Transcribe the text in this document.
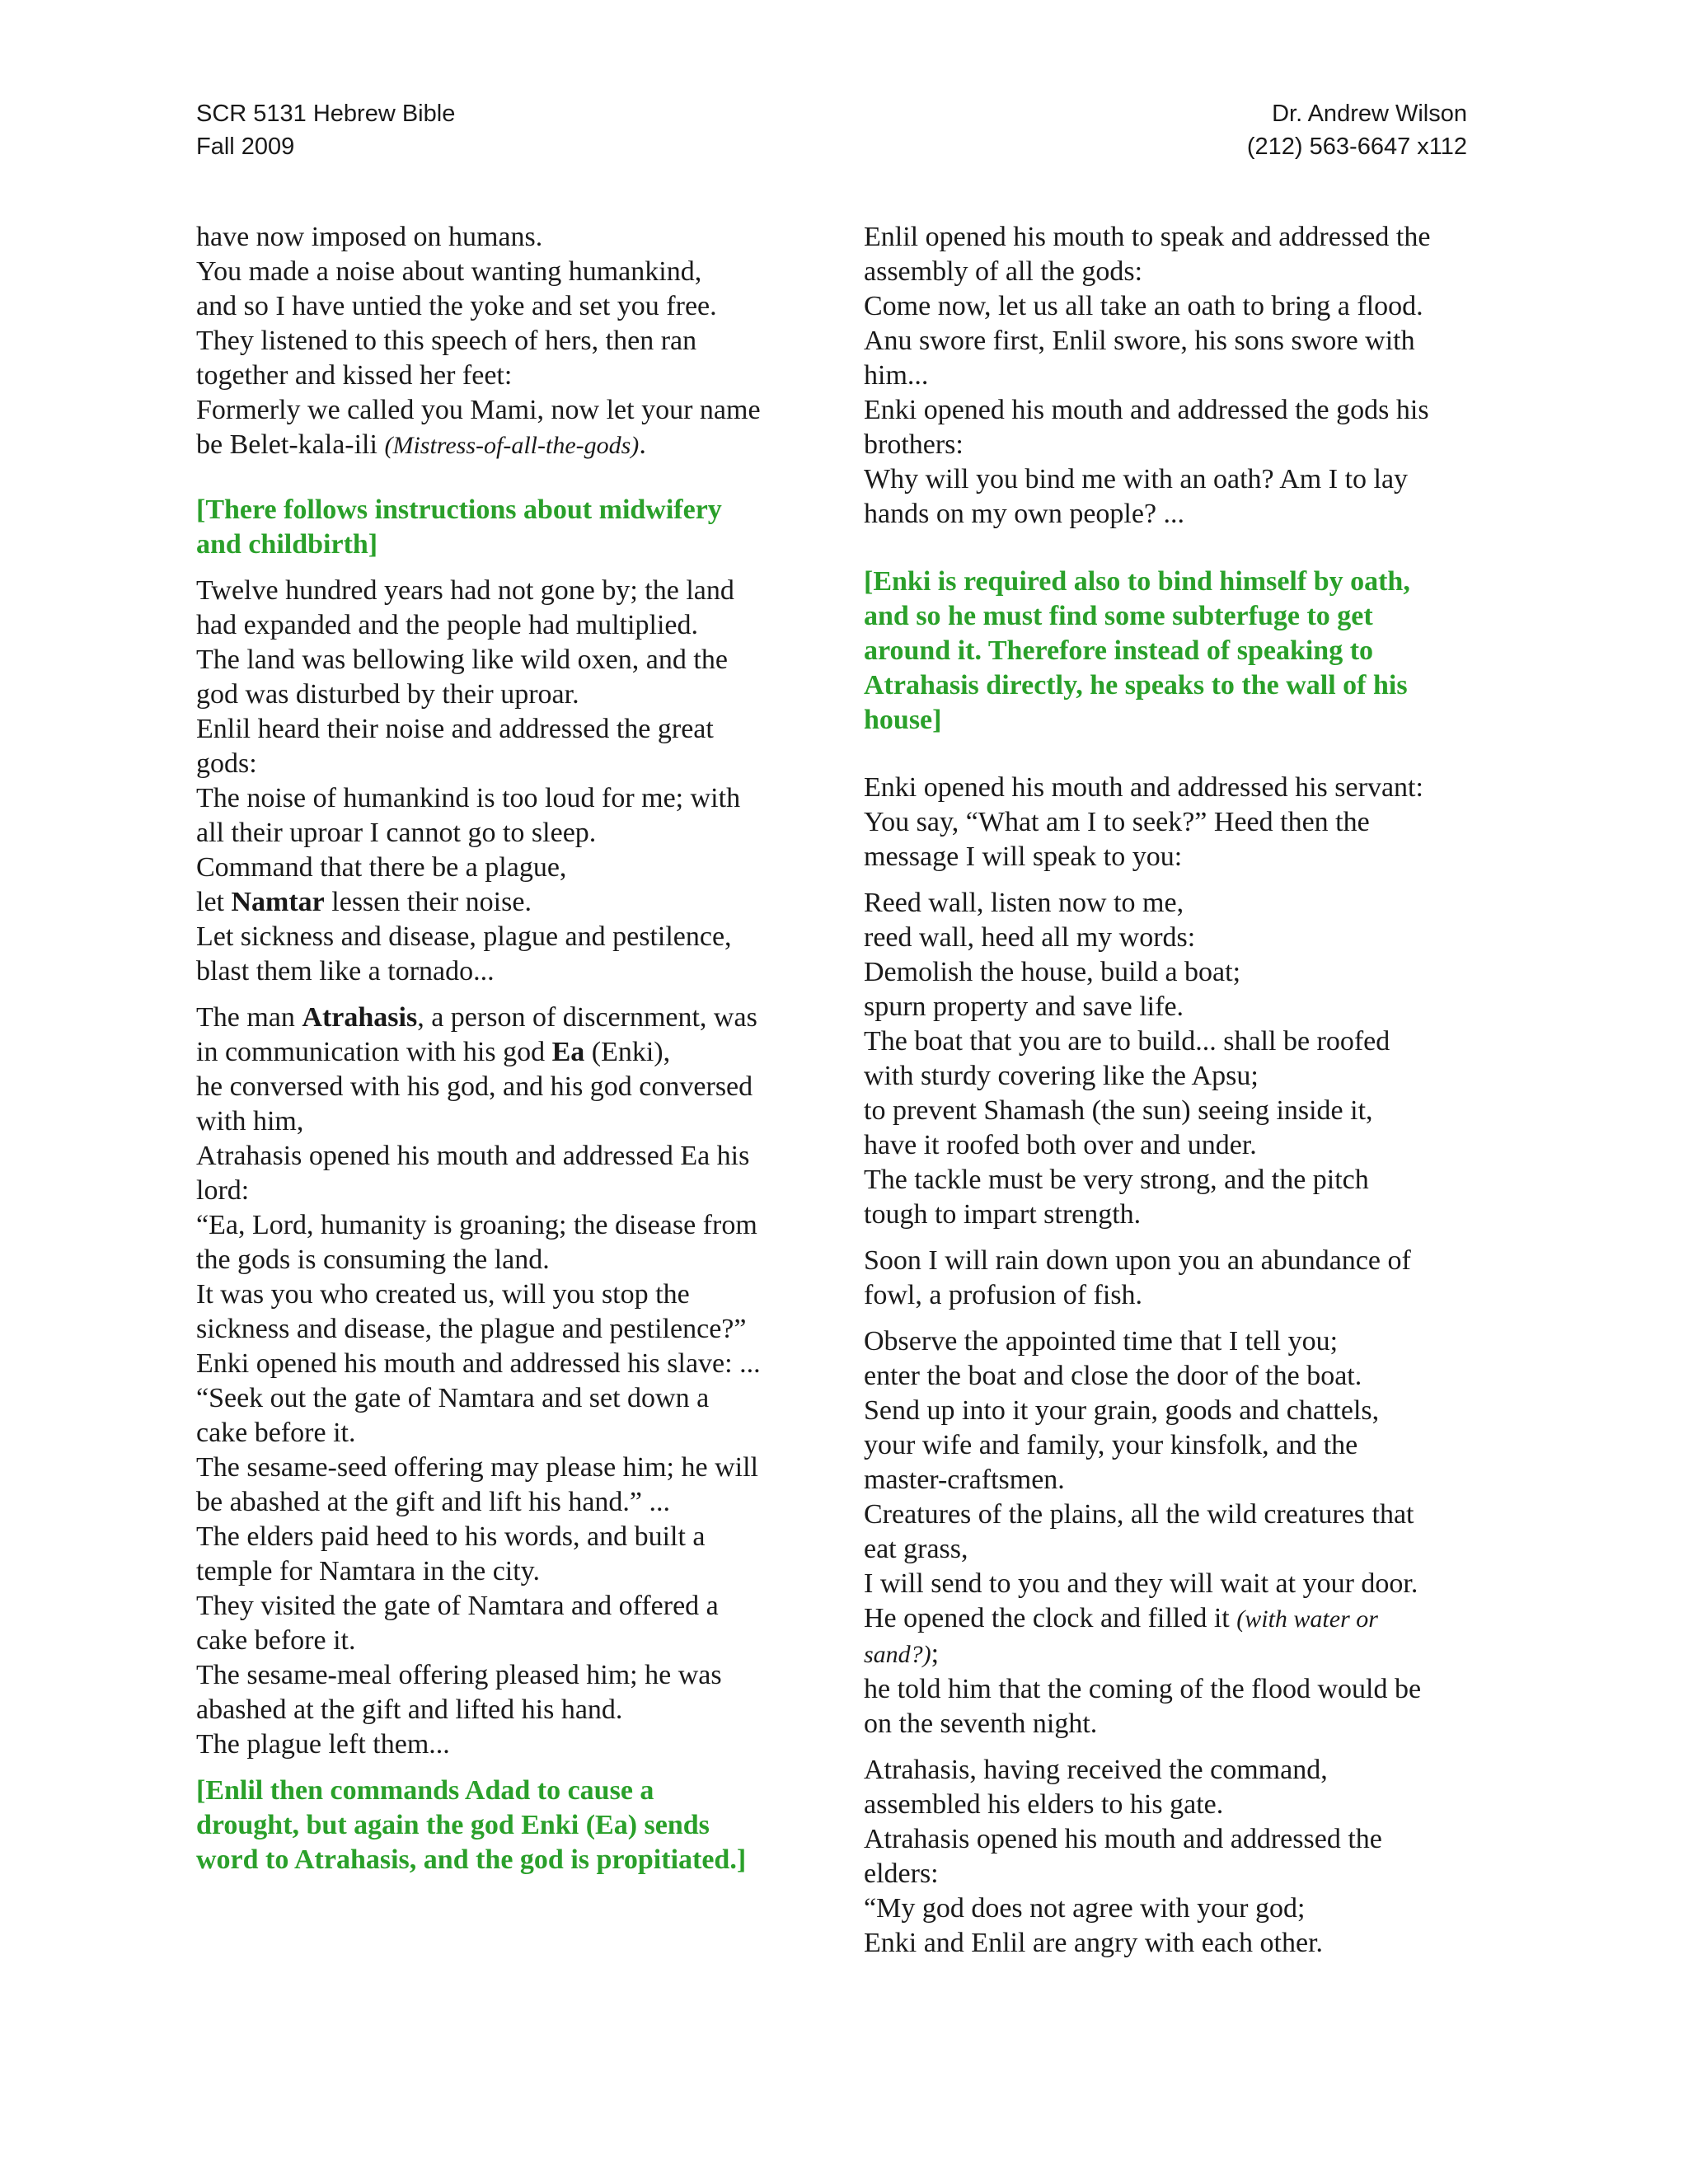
SCR 5131 Hebrew Bible
Fall 2009
Dr. Andrew Wilson
(212) 563-6647 x112
have now imposed on humans.
You made a noise about wanting humankind,
and so I have untied the yoke and set you free.
They listened to this speech of hers, then ran
together and kissed her feet:
Formerly we called you Mami, now let your name
be Belet-kala-ili (Mistress-of-all-the-gods).
[There follows instructions about midwifery
and childbirth]
Twelve hundred years had not gone by; the land
had expanded and the people had multiplied.
The land was bellowing like wild oxen, and the
god was disturbed by their uproar.
Enlil heard their noise and addressed the great
gods:
The noise of humankind is too loud for me; with
all their uproar I cannot go to sleep.
Command that there be a plague,
let Namtar lessen their noise.
Let sickness and disease, plague and pestilence,
blast them like a tornado...
The man Atrahasis, a person of discernment, was
in communication with his god Ea (Enki),
he conversed with his god, and his god conversed
with him,
Atrahasis opened his mouth and addressed Ea his
lord:
“Ea, Lord, humanity is groaning; the disease from
the gods is consuming the land.
It was you who created us, will you stop the
sickness and disease, the plague and pestilence?”
Enki opened his mouth and addressed his slave: ...
“Seek out the gate of Namtara and set down a
cake before it.
The sesame-seed offering may please him; he will
be abashed at the gift and lift his hand.” ...
The elders paid heed to his words, and built a
temple for Namtara in the city.
They visited the gate of Namtara and offered a
cake before it.
The sesame-meal offering pleased him; he was
abashed at the gift and lifted his hand.
The plague left them...
[Enlil then commands Adad to cause a
drought, but again the god Enki (Ea) sends
word to Atrahasis, and the god is propitiated.]
Enlil opened his mouth to speak and addressed the
assembly of all the gods:
Come now, let us all take an oath to bring a flood.
Anu swore first, Enlil swore, his sons swore with
him...
Enki opened his mouth and addressed the gods his
brothers:
Why will you bind me with an oath? Am I to lay
hands on my own people? ...
[Enki is required also to bind himself by oath,
and so he must find some subterfuge to get
around it. Therefore instead of speaking to
Atrahasis directly, he speaks to the wall of his
house]
Enki opened his mouth and addressed his servant:
You say, “What am I to seek?” Heed then the
message I will speak to you:
Reed wall, listen now to me,
reed wall, heed all my words:
Demolish the house, build a boat;
spurn property and save life.
The boat that you are to build... shall be roofed
with sturdy covering like the Apsu;
to prevent Shamash (the sun) seeing inside it,
have it roofed both over and under.
The tackle must be very strong, and the pitch
tough to impart strength.
Soon I will rain down upon you an abundance of
fowl, a profusion of fish.
Observe the appointed time that I tell you;
enter the boat and close the door of the boat.
Send up into it your grain, goods and chattels,
your wife and family, your kinsfolk, and the
master-craftsmen.
Creatures of the plains, all the wild creatures that
eat grass,
I will send to you and they will wait at your door.
He opened the clock and filled it (with water or
sand?);
he told him that the coming of the flood would be
on the seventh night.
Atrahasis, having received the command,
assembled his elders to his gate.
Atrahasis opened his mouth and addressed the
elders:
“My god does not agree with your god;
Enki and Enlil are angry with each other.
